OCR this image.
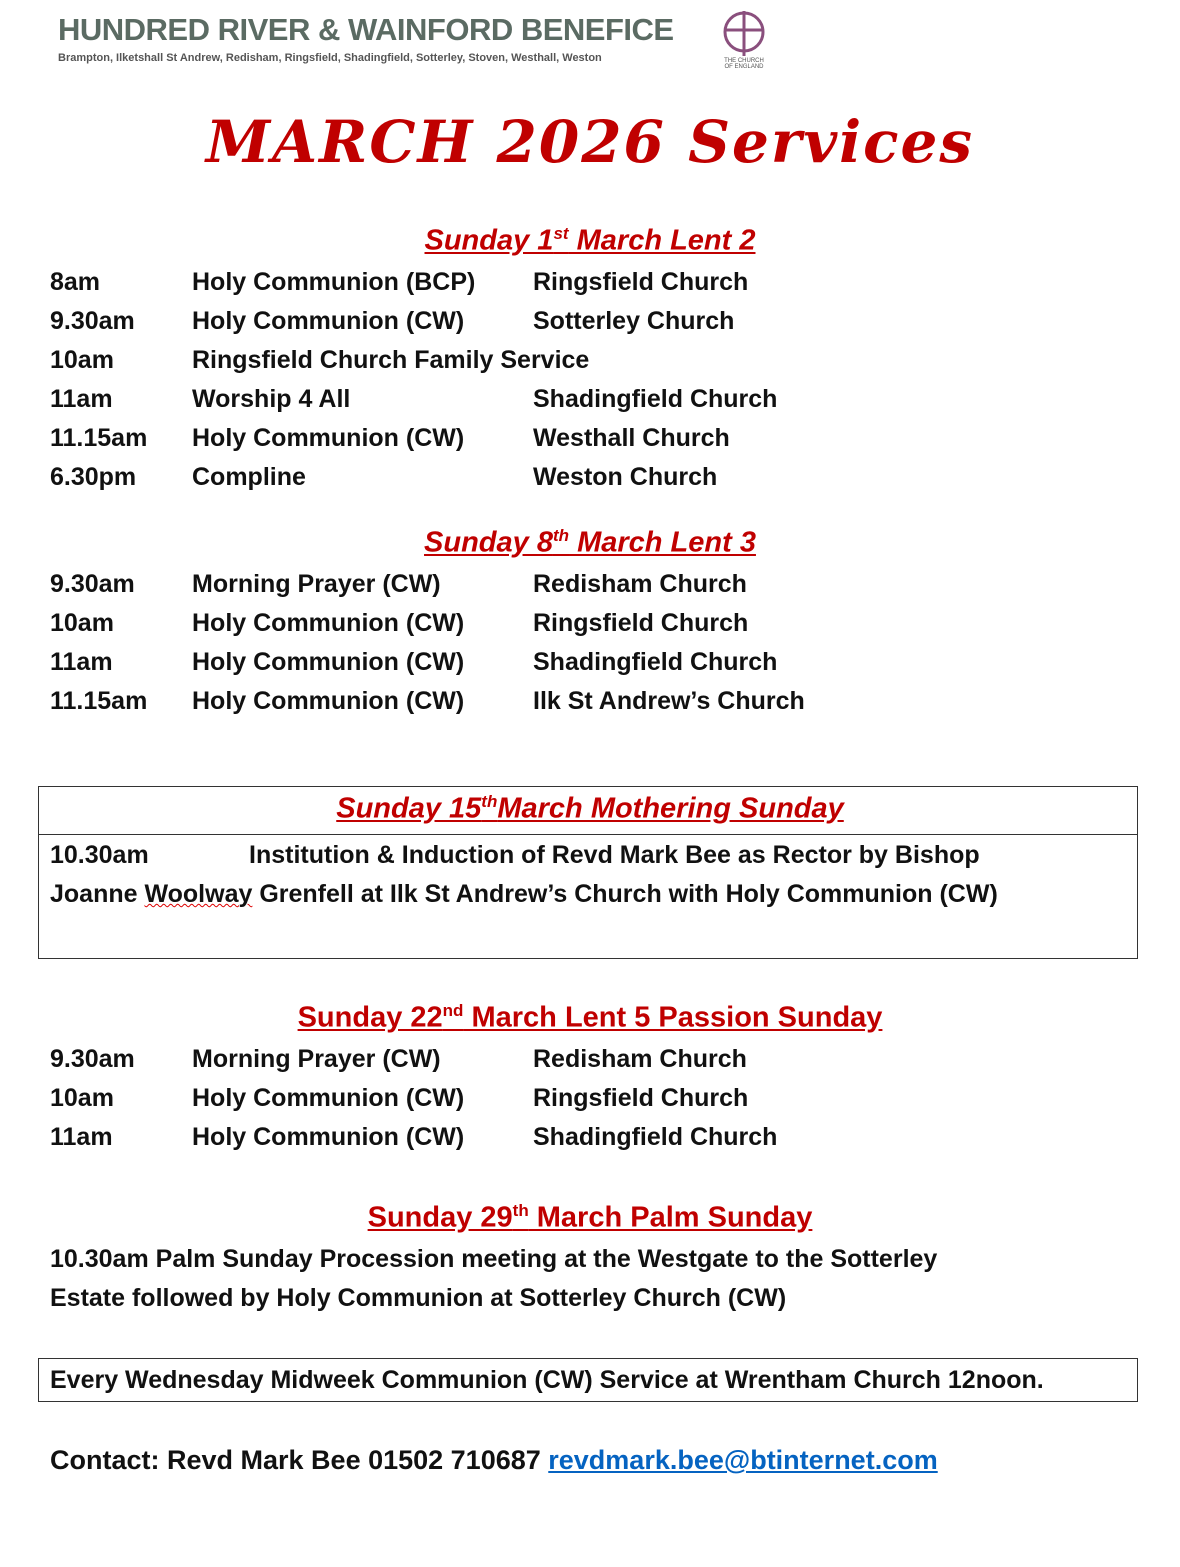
HUNDRED RIVER & WAINFORD BENEFICE
Brampton, Ilketshall St Andrew, Redisham, Ringsfield, Shadingfield, Sotterley, Stoven, Westhall, Weston	THE CHURCH
OF ENGLAND
MARCH 2026 Services
Sunday 1st March Lent 2
8am	Holy Communion (BCP) Ringsfield Church
9.30am Holy Communion (CW)	Sotterley Church
10am	Ringsfield Church Family Service
11am	Worship 4 All	Shadingfield Church
11.15am Holy Communion (CW)	Westhall Church
6.30pm Compline	Weston Church
Sunday 8th March Lent 3
9.30am Morning Prayer (CW)	Redisham Church
10am	Holy Communion (CW)	Ringsfield Church
11am	Holy Communion (CW)	Shadingfield Church
11.15am Holy Communion (CW)	Ilk St Andrew’s Church
Sunday 15thMarch Mothering Sunday
10.30am	Institution & Induction of Revd Mark Bee as Rector by Bishop
Joanne Woolway Grenfell at Ilk St Andrew’s Church with Holy Communion (CW)
Sunday 22nd March Lent 5 Passion Sunday
9.30am Morning Prayer (CW)	Redisham Church
10am	Holy Communion (CW)	Ringsfield Church
11am	Holy Communion (CW)	Shadingfield Church
Sunday 29th March Palm Sunday
10.30am Palm Sunday Procession meeting at the Westgate to the Sotterley
Estate followed by Holy Communion at Sotterley Church (CW)
Every Wednesday Midweek Communion (CW) Service at Wrentham Church 12noon.
Contact: Revd Mark Bee 01502 710687 revdmark.bee@btinternet.com
